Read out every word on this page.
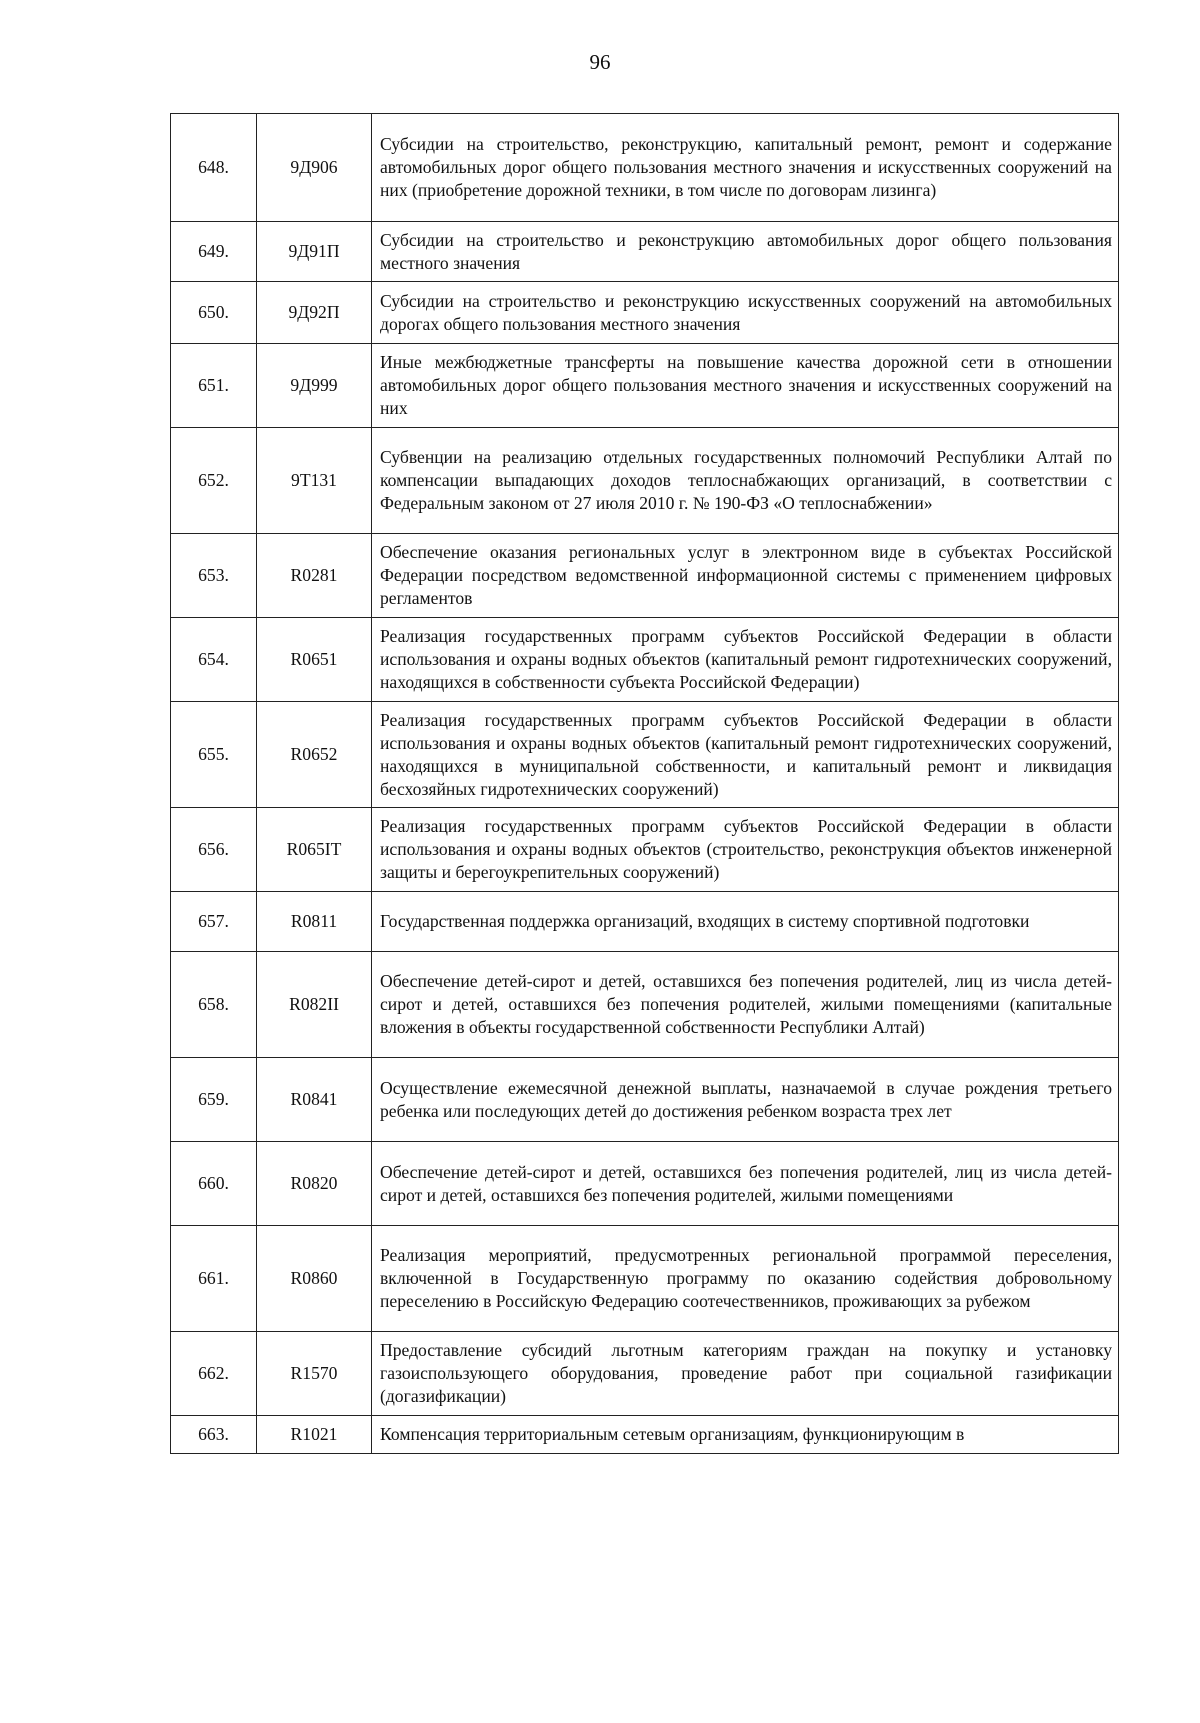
96
648.	9Д906	Субсидии на строительство, реконструкцию, капитальный ремонт, ремонт и содержание автомобильных дорог общего пользования местного значения и искусственных сооружений на них (приобретение дорожной техники, в том числе по договорам лизинга)
649.	9Д91П	Субсидии на строительство и реконструкцию автомобильных дорог общего пользования местного значения
650.	9Д92П	Субсидии на строительство и реконструкцию искусственных сооружений на автомобильных дорогах общего пользования местного значения
651.	9Д999	Иные межбюджетные трансферты на повышение качества дорожной сети в отношении автомобильных дорог общего пользования местного значения и искусственных сооружений на них
652.	9Т131	Субвенции на реализацию отдельных государственных полномочий Республики Алтай по компенсации выпадающих доходов теплоснабжающих организаций, в соответствии с Федеральным законом от 27 июля 2010 г. № 190-ФЗ «О теплоснабжении»
653.	R0281	Обеспечение оказания региональных услуг в электронном виде в субъектах Российской Федерации посредством ведомственной информационной системы с применением цифровых регламентов
654.	R0651	Реализация государственных программ субъектов Российской Федерации в области использования и охраны водных объектов (капитальный ремонт гидротехнических сооружений, находящихся в собственности субъекта Российской Федерации)
655.	R0652	Реализация государственных программ субъектов Российской Федерации в области использования и охраны водных объектов (капитальный ремонт гидротехнических сооружений, находящихся в муниципальной собственности, и капитальный ремонт и ликвидация бесхозяйных гидротехнических сооружений)
656.	R065IT	Реализация государственных программ субъектов Российской Федерации в области использования и охраны водных объектов (строительство, реконструкция объектов инженерной защиты и берегоукрепительных сооружений)
657.	R0811	Государственная поддержка организаций, входящих в систему спортивной подготовки
658.	R082II	Обеспечение детей-сирот и детей, оставшихся без попечения родителей, лиц из числа детей-сирот и детей, оставшихся без попечения родителей, жилыми помещениями (капитальные вложения в объекты государственной собственности Республики Алтай)
659.	R0841	Осуществление ежемесячной денежной выплаты, назначаемой в случае рождения третьего ребенка или последующих детей до достижения ребенком возраста трех лет
660.	R0820	Обеспечение детей-сирот и детей, оставшихся без попечения родителей, лиц из числа детей-сирот и детей, оставшихся без попечения родителей, жилыми помещениями
661.	R0860	Реализация мероприятий, предусмотренных региональной программой переселения, включенной в Государственную программу по оказанию содействия добровольному переселению в Российскую Федерацию соотечественников, проживающих за рубежом
662.	R1570	Предоставление субсидий льготным категориям граждан на покупку и установку газоиспользующего оборудования, проведение работ при социальной газификации (догазификации)
663.	R1021	Компенсация территориальным сетевым организациям, функционирующим в
